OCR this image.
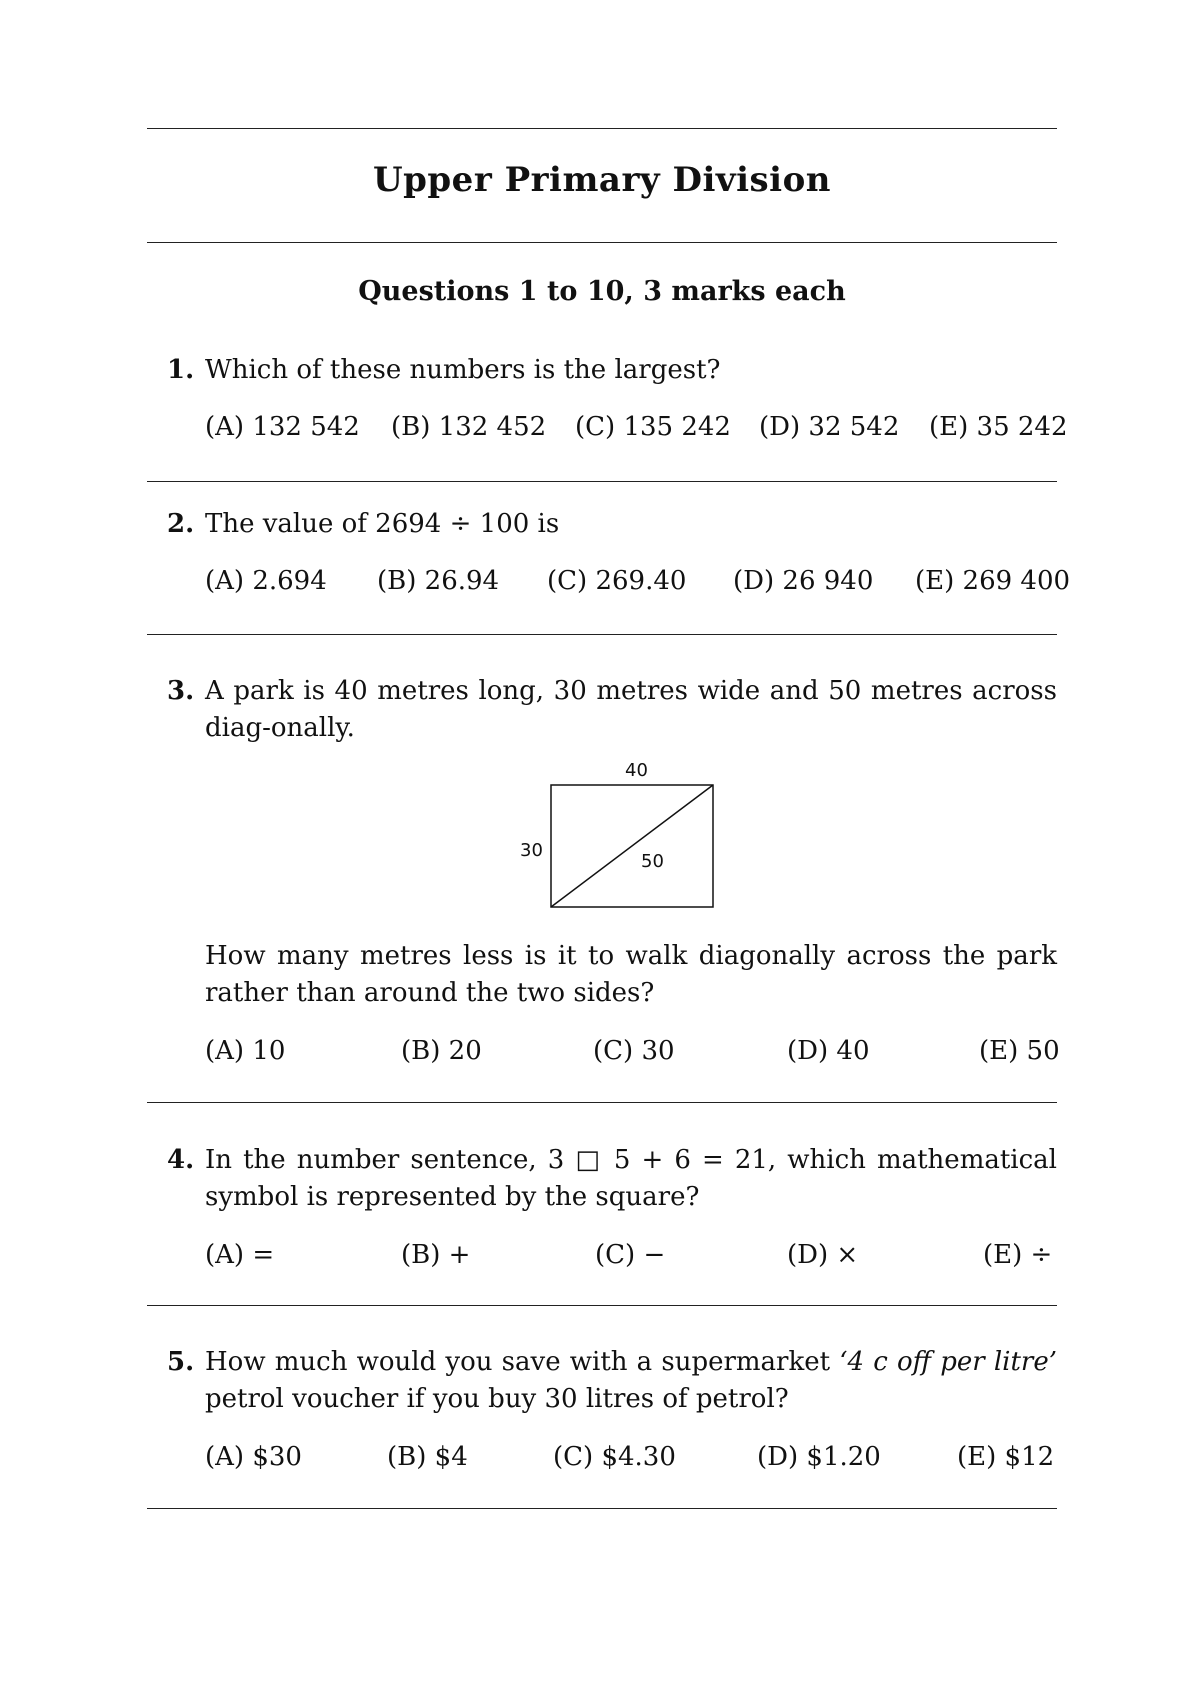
Upper Primary Division
Questions 1 to 10, 3 marks each
1. Which of these numbers is the largest?
(A) 132 542 (B) 132 452 (C) 135 242 (D) 32 542 (E) 35 242
2. The value of 2694 ÷ 100 is
(A) 2.694 (B) 26.94 (C) 269.40 (D) 26 940 (E) 269 400
3. A park is 40 metres long, 30 metres wide and 50 metres across diag-onally.
40
30
50
How many metres less is it to walk diagonally across the park rather than around the two sides?
(A) 10	(B) 20	(C) 30	(D) 40	(E) 50
4. In the number sentence, 3 □ 5 + 6 = 21, which mathematical symbol is represented by the square?
(A) =	(B) +	(C) −	(D) ×	(E) ÷
5. How much would you save with a supermarket ‘4 c off per litre’ petrol voucher if you buy 30 litres of petrol?
(A) $30	(B) $4	(C) $4.30	(D) $1.20	(E) $12
